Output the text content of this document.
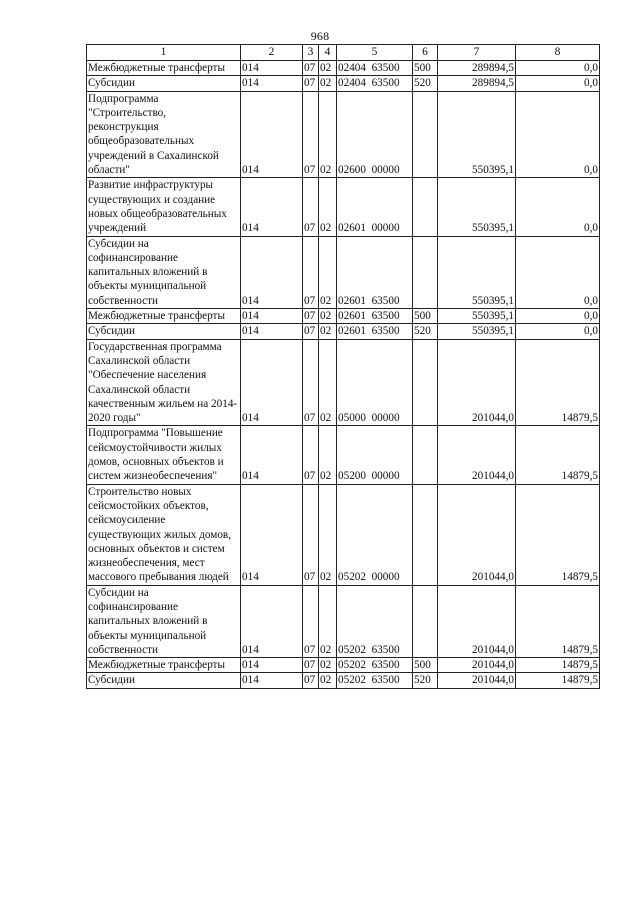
968
1	2	3	4	5	6	7	8
Межбюджетные трансферты	014	07	02	02404  63500	500	289894,5	0,0
Субсидии	014	07	02	02404  63500	520	289894,5	0,0
Подпрограмма "Строительство, реконструкция общеобразовательных учреждений в Сахалинской области"	014	07	02	02600  00000		550395,1	0,0
Развитие инфраструктуры существующих и создание новых общеобразовательных учреждений	014	07	02	02601  00000		550395,1	0,0
Субсидии на софинансирование капитальных вложений в объекты муниципальной собственности	014	07	02	02601  63500		550395,1	0,0
Межбюджетные трансферты	014	07	02	02601  63500	500	550395,1	0,0
Субсидии	014	07	02	02601  63500	520	550395,1	0,0
Государственная программа Сахалинской области "Обеспечение населения Сахалинской области качественным жильем на 2014-2020 годы"	014	07	02	05000  00000		201044,0	14879,5
Подпрограмма "Повышение сейсмоустойчивости жилых домов, основных объектов и систем жизнеобеспечения"	014	07	02	05200  00000		201044,0	14879,5
Строительство новых сейсмостойких объектов, сейсмоусиление существующих жилых домов, основных объектов и систем жизнеобеспечения, мест массового пребывания людей	014	07	02	05202  00000		201044,0	14879,5
Субсидии на софинансирование капитальных вложений в объекты муниципальной собственности	014	07	02	05202  63500		201044,0	14879,5
Межбюджетные трансферты	014	07	02	05202  63500	500	201044,0	14879,5
Субсидии	014	07	02	05202  63500	520	201044,0	14879,5
